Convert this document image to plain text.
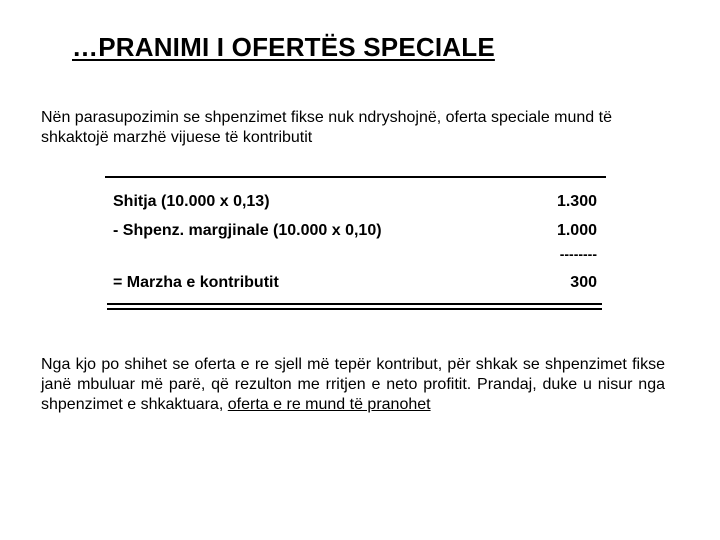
…PRANIMI I OFERTËS SPECIALE

Nën parasupozimin se shpenzimet fikse nuk ndryshojnë, oferta speciale mund të shkaktojë marzhë vijuese të kontributit

Shitja (10.000 x 0,13)	1.300
- Shpenz. margjinale (10.000 x 0,10)	1.000
--------
= Marzha e kontributit	300

Nga kjo po shihet se oferta e re sjell më tepër kontribut, për shkak se shpenzimet fikse janë mbuluar më parë, që rezulton me rritjen e neto profitit. Prandaj, duke u nisur nga shpenzimet e shkaktuara, oferta e re mund të pranohet
